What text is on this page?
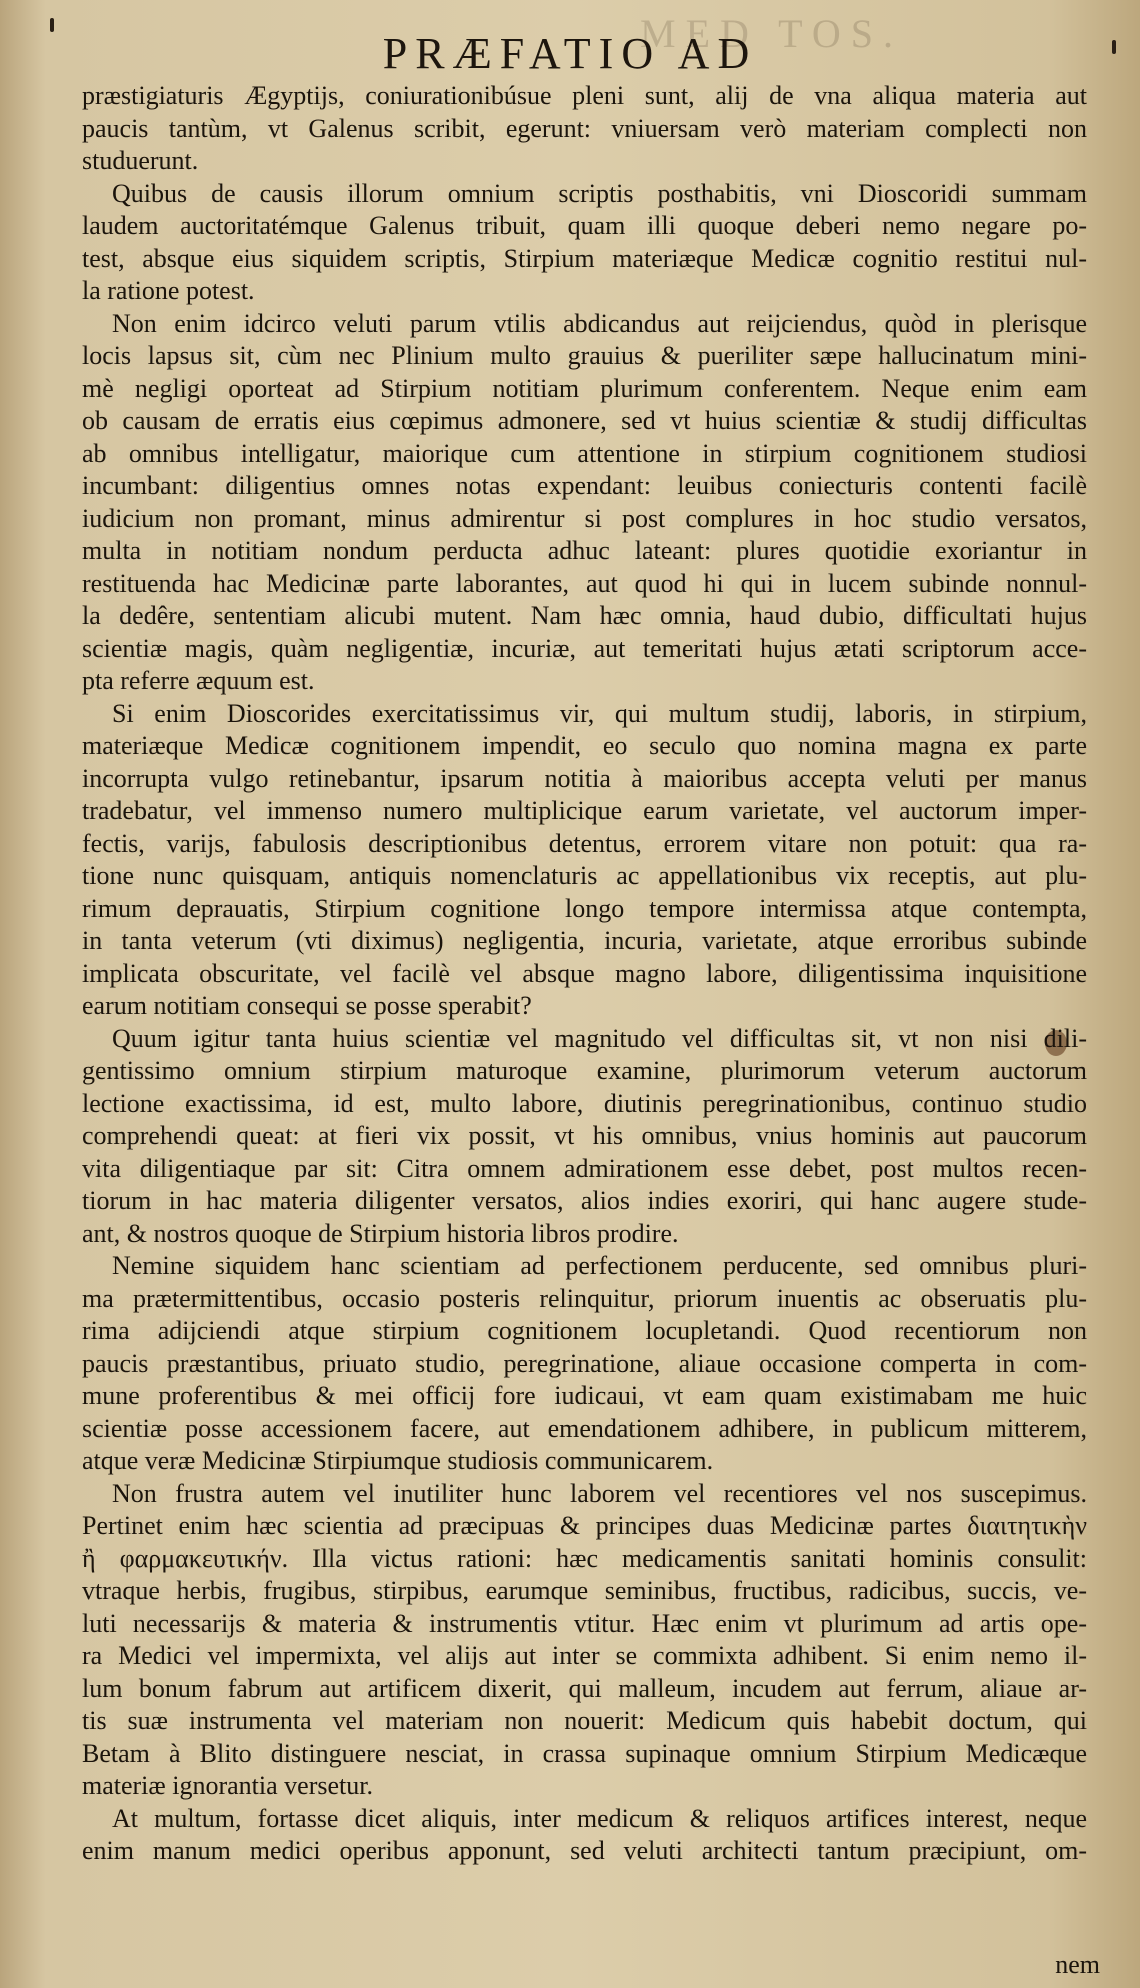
MED TOS.
PRÆFATIO AD
præstigiaturis Ægyptijs, coniurationibúsue pleni sunt, alij de vna aliqua materia aut
paucis tantùm, vt Galenus scribit, egerunt: vniuersam verò materiam complecti non
studuerunt.
Quibus de causis illorum omnium scriptis posthabitis, vni Dioscoridi summam
laudem auctoritatémque Galenus tribuit, quam illi quoque deberi nemo negare po-
test, absque eius siquidem scriptis, Stirpium materiæque Medicæ cognitio restitui nul-
la ratione potest.
Non enim idcirco veluti parum vtilis abdicandus aut reijciendus, quòd in plerisque
locis lapsus sit, cùm nec Plinium multo grauius & pueriliter sæpe hallucinatum mini-
mè negligi oporteat ad Stirpium notitiam plurimum conferentem. Neque enim eam
ob causam de erratis eius cœpimus admonere, sed vt huius scientiæ & studij difficultas
ab omnibus intelligatur, maiorique cum attentione in stirpium cognitionem studiosi
incumbant: diligentius omnes notas expendant: leuibus coniecturis contenti facilè
iudicium non promant, minus admirentur si post complures in hoc studio versatos,
multa in notitiam nondum perducta adhuc lateant: plures quotidie exoriantur in
restituenda hac Medicinæ parte laborantes, aut quod hi qui in lucem subinde nonnul-
la dedêre, sententiam alicubi mutent. Nam hæc omnia, haud dubio, difficultati hujus
scientiæ magis, quàm negligentiæ, incuriæ, aut temeritati hujus ætati scriptorum acce-
pta referre æquum est.
Si enim Dioscorides exercitatissimus vir, qui multum studij, laboris, in stirpium,
materiæque Medicæ cognitionem impendit, eo seculo quo nomina magna ex parte
incorrupta vulgo retinebantur, ipsarum notitia à maioribus accepta veluti per manus
tradebatur, vel immenso numero multiplicique earum varietate, vel auctorum imper-
fectis, varijs, fabulosis descriptionibus detentus, errorem vitare non potuit: qua ra-
tione nunc quisquam, antiquis nomenclaturis ac appellationibus vix receptis, aut plu-
rimum deprauatis, Stirpium cognitione longo tempore intermissa atque contempta,
in tanta veterum (vti diximus) negligentia, incuria, varietate, atque erroribus subinde
implicata obscuritate, vel facilè vel absque magno labore, diligentissima inquisitione
earum notitiam consequi se posse sperabit?
Quum igitur tanta huius scientiæ vel magnitudo vel difficultas sit, vt non nisi dili-
gentissimo omnium stirpium maturoque examine, plurimorum veterum auctorum
lectione exactissima, id est, multo labore, diutinis peregrinationibus, continuo studio
comprehendi queat: at fieri vix possit, vt his omnibus, vnius hominis aut paucorum
vita diligentiaque par sit: Citra omnem admirationem esse debet, post multos recen-
tiorum in hac materia diligenter versatos, alios indies exoriri, qui hanc augere stude-
ant, & nostros quoque de Stirpium historia libros prodire.
Nemine siquidem hanc scientiam ad perfectionem perducente, sed omnibus pluri-
ma prætermittentibus, occasio posteris relinquitur, priorum inuentis ac obseruatis plu-
rima adijciendi atque stirpium cognitionem locupletandi. Quod recentiorum non
paucis præstantibus, priuato studio, peregrinatione, aliaue occasione comperta in com-
mune proferentibus & mei officij fore iudicaui, vt eam quam existimabam me huic
scientiæ posse accessionem facere, aut emendationem adhibere, in publicum mitterem,
atque veræ Medicinæ Stirpiumque studiosis communicarem.
Non frustra autem vel inutiliter hunc laborem vel recentiores vel nos suscepimus.
Pertinet enim hæc scientia ad præcipuas & principes duas Medicinæ partes διαιτητικὴν
ἢ φαρμακευτικήν. Illa victus rationi: hæc medicamentis sanitati hominis consulit:
vtraque herbis, frugibus, stirpibus, earumque seminibus, fructibus, radicibus, succis, ve-
luti necessarijs & materia & instrumentis vtitur. Hæc enim vt plurimum ad artis ope-
ra Medici vel impermixta, vel alijs aut inter se commixta adhibent. Si enim nemo il-
lum bonum fabrum aut artificem dixerit, qui malleum, incudem aut ferrum, aliaue ar-
tis suæ instrumenta vel materiam non nouerit: Medicum quis habebit doctum, qui
Betam à Blito distinguere nesciat, in crassa supinaque omnium Stirpium Medicæque
materiæ ignorantia versetur.
At multum, fortasse dicet aliquis, inter medicum & reliquos artifices interest, neque
enim manum medici operibus apponunt, sed veluti architecti tantum præcipiunt, om-
nem
